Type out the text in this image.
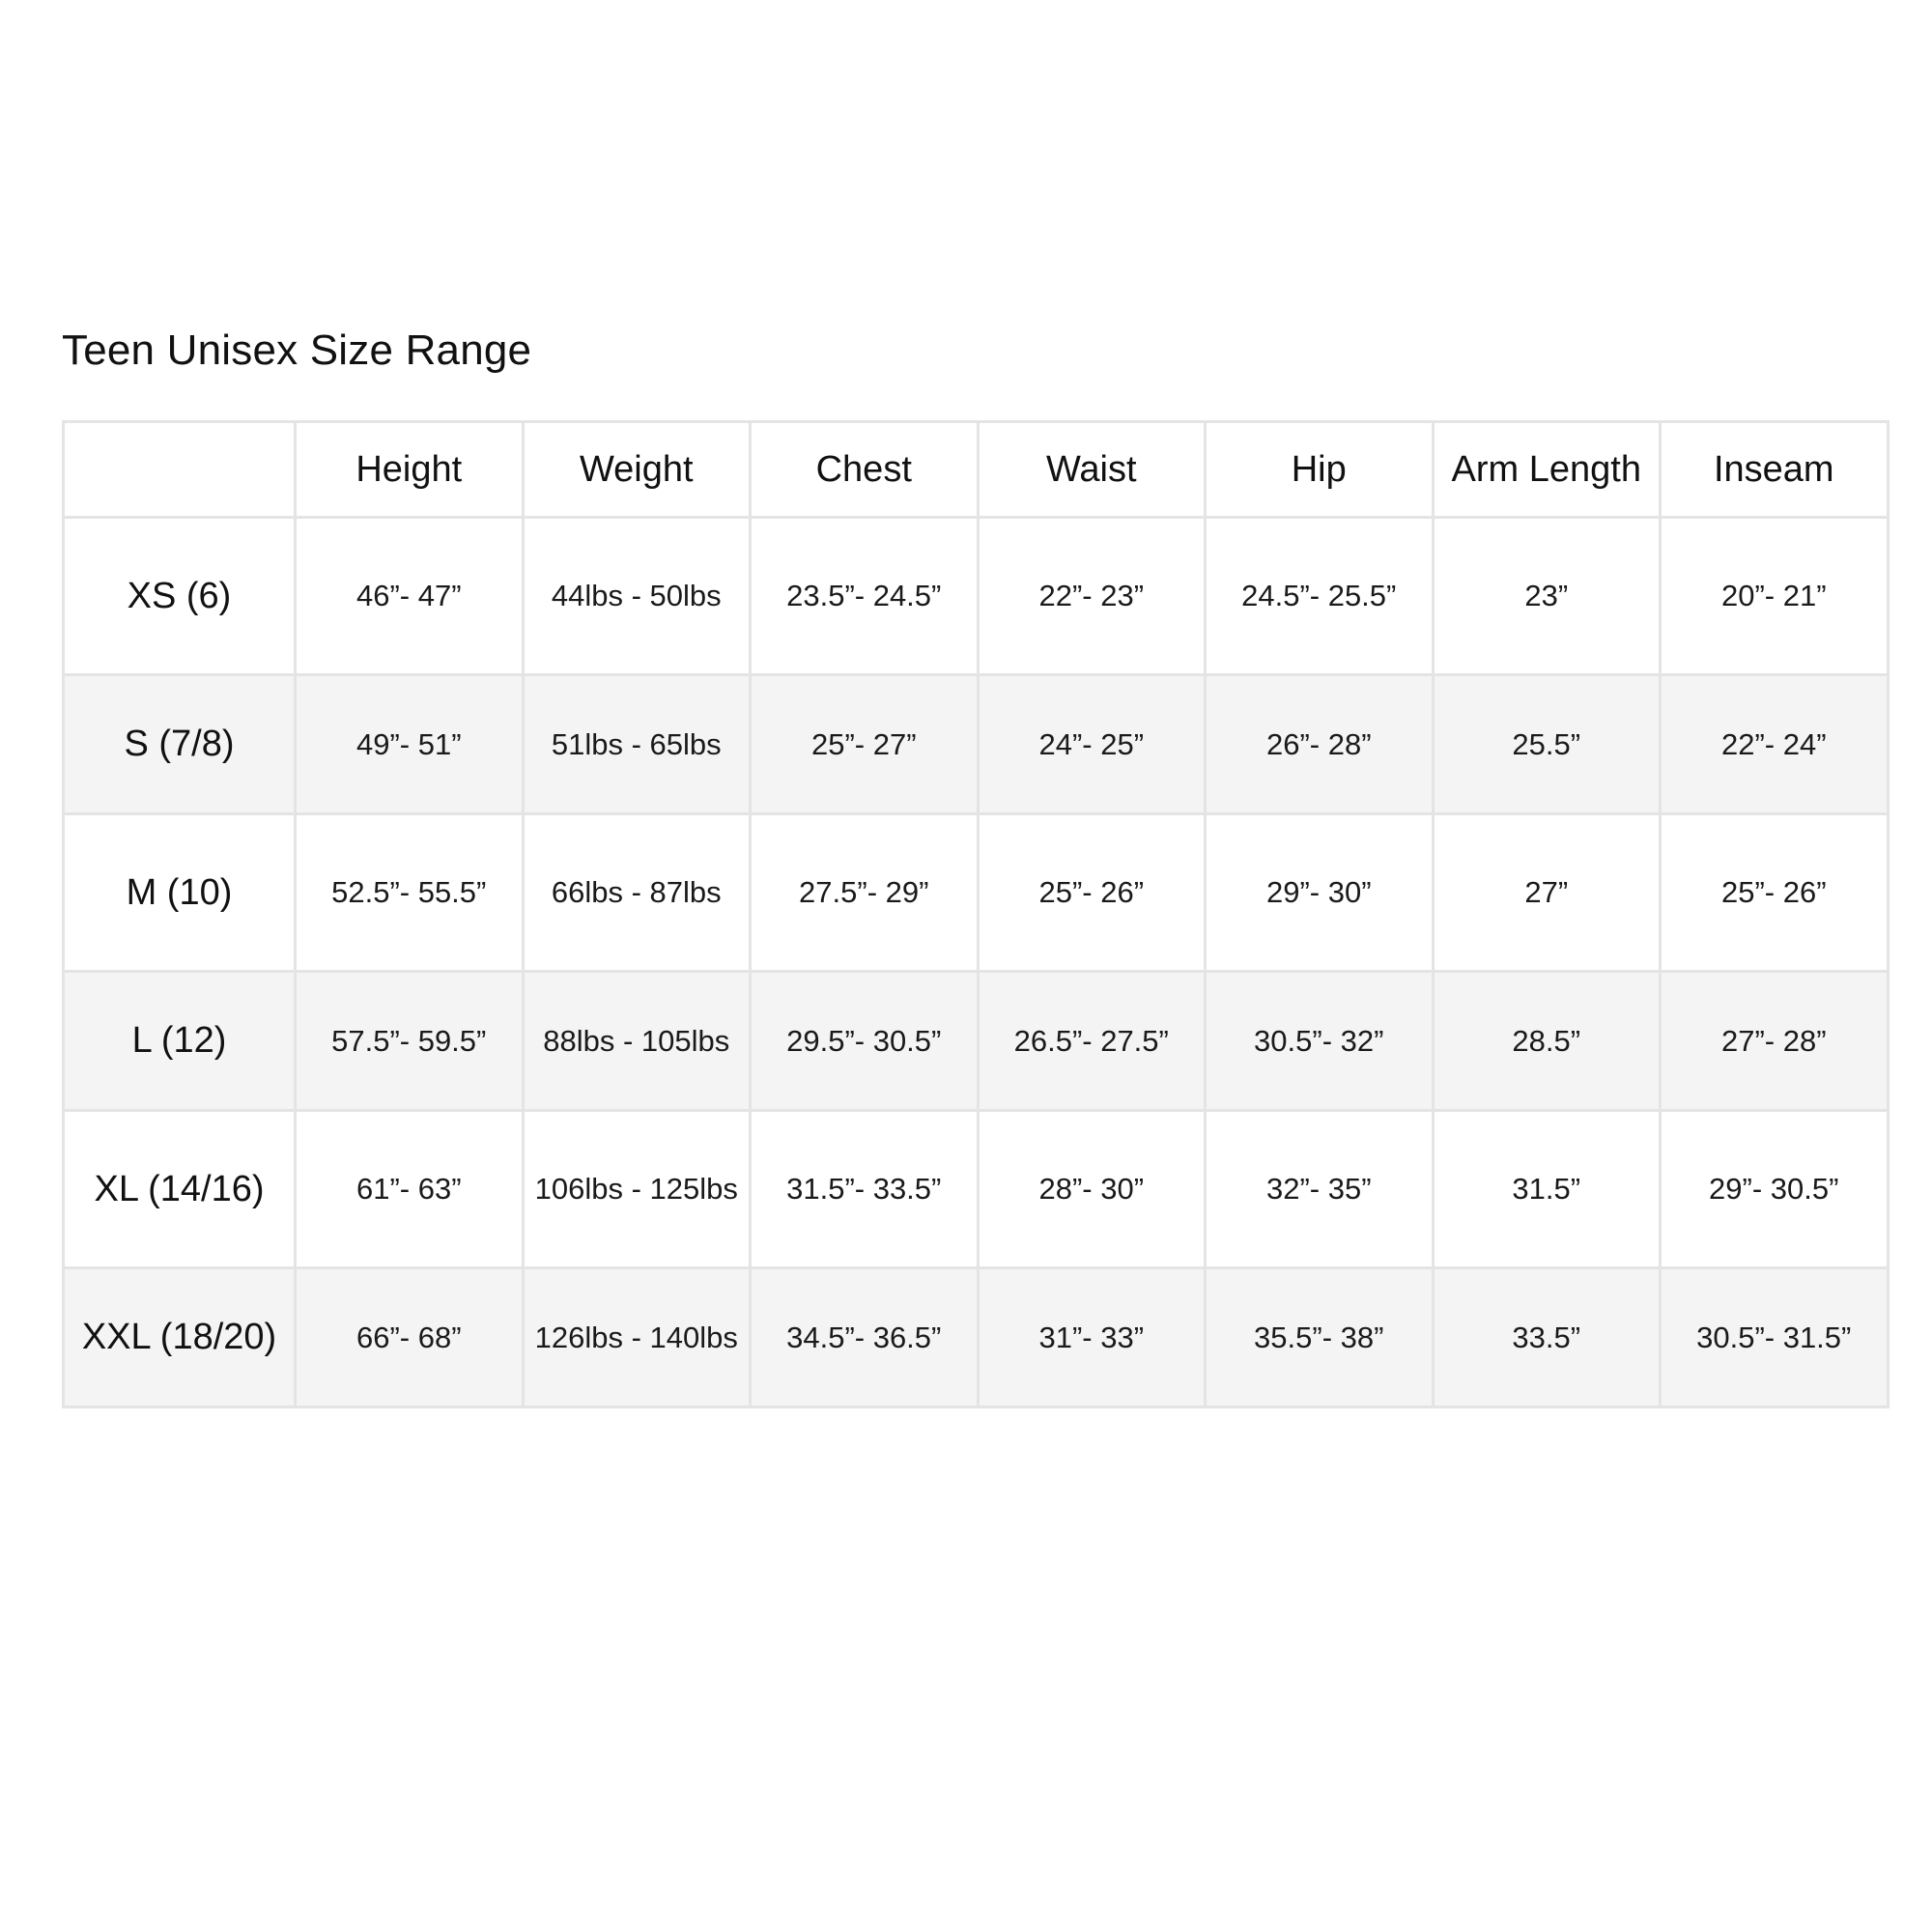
Teen Unisex Size Range
	Height	Weight	Chest	Waist	Hip	Arm Length	Inseam
XS (6)	46”- 47”	44lbs - 50lbs	23.5”- 24.5”	22”- 23”	24.5”- 25.5”	23”	20”- 21”
S (7/8)	49”- 51”	51lbs - 65lbs	25”- 27”	24”- 25”	26”- 28”	25.5”	22”- 24”
M (10)	52.5”- 55.5”	66lbs - 87lbs	27.5”- 29”	25”- 26”	29”- 30”	27”	25”- 26”
L (12)	57.5”- 59.5”	88lbs - 105lbs	29.5”- 30.5”	26.5”- 27.5”	30.5”- 32”	28.5”	27”- 28”
XL (14/16)	61”- 63”	106lbs - 125lbs	31.5”- 33.5”	28”- 30”	32”- 35”	31.5”	29”- 30.5”
XXL (18/20)	66”- 68”	126lbs - 140lbs	34.5”- 36.5”	31”- 33”	35.5”- 38”	33.5”	30.5”- 31.5”
